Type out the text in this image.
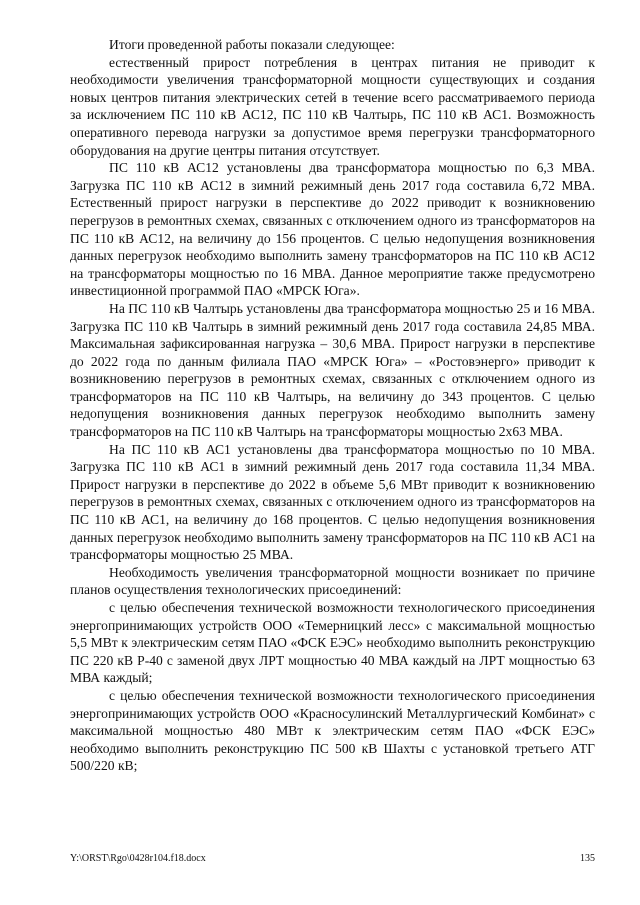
Итоги проведенной работы показали следующее:

естественный прирост потребления в центрах питания не приводит к необходимости увеличения трансформаторной мощности существующих и создания новых центров питания электрических сетей в течение всего рассматриваемого периода за исключением ПС 110 кВ АС12, ПС 110 кВ Чалтырь, ПС 110 кВ АС1. Возможность оперативного перевода нагрузки за допустимое время перегрузки трансформаторного оборудования на другие центры питания отсутствует.

ПС 110 кВ АС12 установлены два трансформатора мощностью по 6,3 МВА. Загрузка ПС 110 кВ АС12 в зимний режимный день 2017 года составила 6,72 МВА. Естественный прирост нагрузки в перспективе до 2022 приводит к возникновению перегрузов в ремонтных схемах, связанных с отключением одного из трансформаторов на ПС 110 кВ АС12, на величину до 156 процентов. С целью недопущения возникновения данных перегрузок необходимо выполнить замену трансформаторов на ПС 110 кВ АС12 на трансформаторы мощностью по 16 МВА. Данное мероприятие также предусмотрено инвестиционной программой ПАО «МРСК Юга».

На ПС 110 кВ Чалтырь установлены два трансформатора мощностью 25 и 16 МВА. Загрузка ПС 110 кВ Чалтырь в зимний режимный день 2017 года составила 24,85 МВА. Максимальная зафиксированная нагрузка – 30,6 МВА. Прирост нагрузки в перспективе до 2022 года по данным филиала ПАО «МРСК Юга» – «Ростовэнерго» приводит к возникновению перегрузов в ремонтных схемах, связанных с отключением одного из трансформаторов на ПС 110 кВ Чалтырь, на величину до 343 процентов. С целью недопущения возникновения данных перегрузок необходимо выполнить замену трансформаторов на ПС 110 кВ Чалтырь на трансформаторы мощностью 2х63 МВА.

На ПС 110 кВ АС1 установлены два трансформатора мощностью по 10 МВА. Загрузка ПС 110 кВ АС1 в зимний режимный день 2017 года составила 11,34 МВА. Прирост нагрузки в перспективе до 2022 в объеме 5,6 МВт приводит к возникновению перегрузов в ремонтных схемах, связанных с отключением одного из трансформаторов на ПС 110 кВ АС1, на величину до 168 процентов. С целью недопущения возникновения данных перегрузок необходимо выполнить замену трансформаторов на ПС 110 кВ АС1 на трансформаторы мощностью 25 МВА.

Необходимость увеличения трансформаторной мощности возникает по причине планов осуществления технологических присоединений:

с целью обеспечения технической возможности технологического присоединения энергопринимающих устройств ООО «Темерницкий лесс» с максимальной мощностью 5,5 МВт к электрическим сетям ПАО «ФСК ЕЭС» необходимо выполнить реконструкцию ПС 220 кВ Р-40 с заменой двух ЛРТ мощностью 40 МВА каждый на ЛРТ мощностью 63 МВА каждый;

с целью обеспечения технической возможности технологического присоединения энергопринимающих устройств ООО «Красносулинский Металлургический Комбинат» с максимальной мощностью 480 МВт к электрическим сетям ПАО «ФСК ЕЭС» необходимо выполнить реконструкцию ПС 500 кВ Шахты с установкой третьего АТГ 500/220 кВ;

Y:\ORST\Rgo\0428r104.f18.docx	135
